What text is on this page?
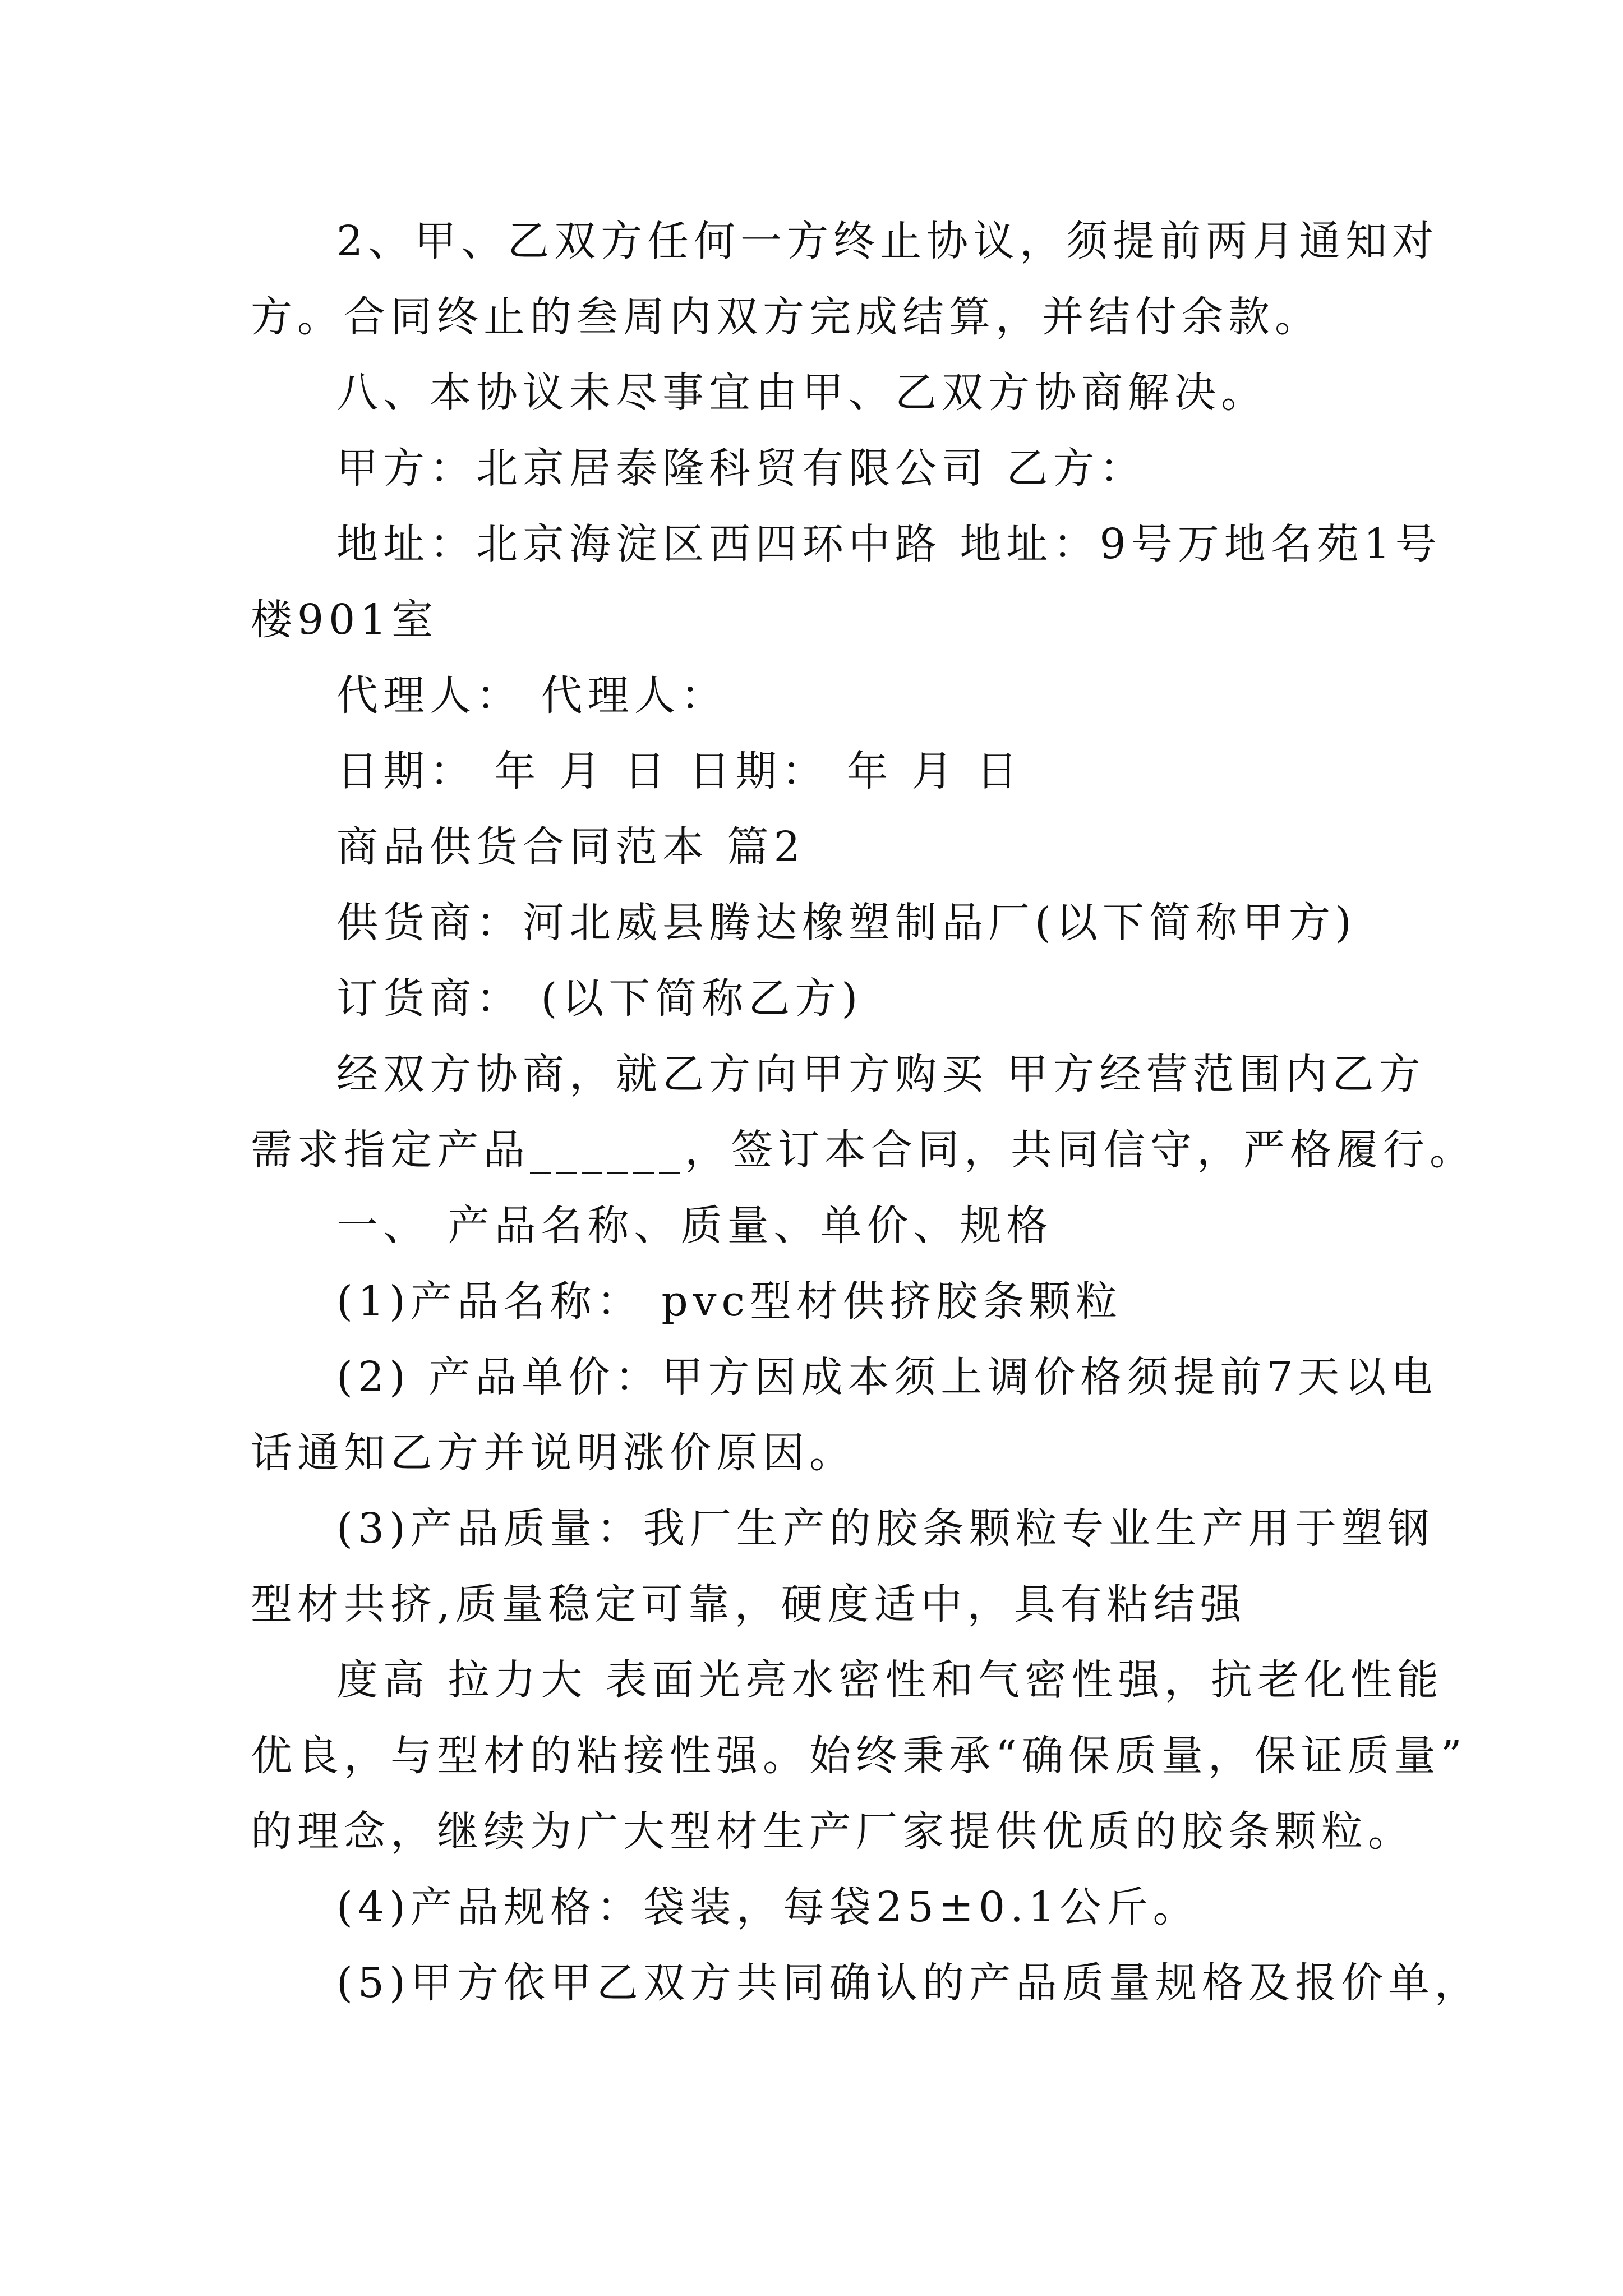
2、甲、乙双方任何一方终止协议，须提前两月通知对
方。合同终止的叁周内双方完成结算，并结付余款。
八、本协议未尽事宜由甲、乙双方协商解决。
甲方：北京居泰隆科贸有限公司 乙方：
地址：北京海淀区西四环中路 地址：9号万地名苑1号
楼901室
代理人： 代理人：
日期： 年 月 日 日期： 年 月 日
商品供货合同范本 篇2
供货商：河北威县腾达橡塑制品厂(以下简称甲方)
订货商： (以下简称乙方)
经双方协商，就乙方向甲方购买 甲方经营范围内乙方
需求指定产品______，签订本合同，共同信守，严格履行。
一、 产品名称、质量、单价、规格
(1)产品名称： pvc型材供挤胶条颗粒
(2) 产品单价：甲方因成本须上调价格须提前7天以电
话通知乙方并说明涨价原因。
(3)产品质量：我厂生产的胶条颗粒专业生产用于塑钢
型材共挤,质量稳定可靠，硬度适中，具有粘结强
度高 拉力大 表面光亮水密性和气密性强，抗老化性能
优良，与型材的粘接性强。始终秉承“确保质量，保证质量”
的理念，继续为广大型材生产厂家提供优质的胶条颗粒。
(4)产品规格：袋装，每袋25±0.1公斤。
(5)甲方依甲乙双方共同确认的产品质量规格及报价单，
